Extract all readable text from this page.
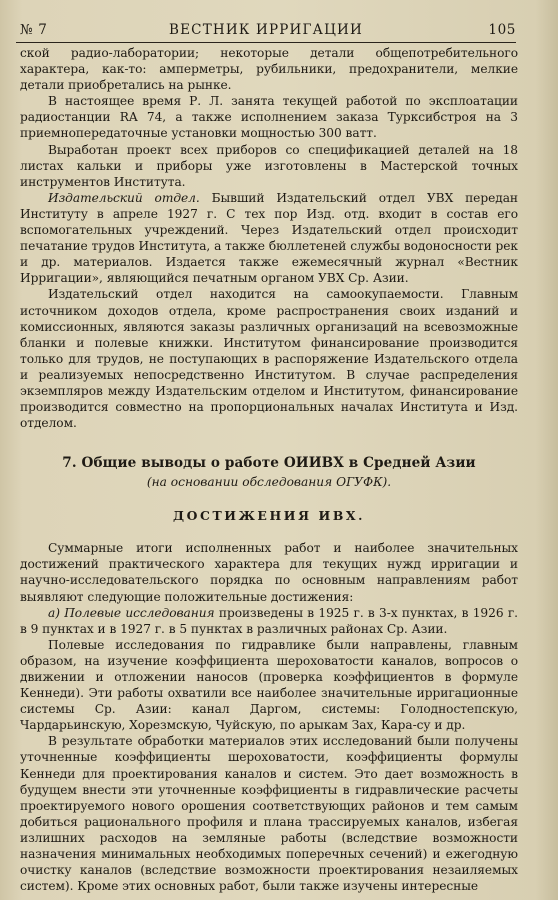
№ 7	ВЕСТНИК ИРРИГАЦИИ	105

ской радио-лаборатории; некоторые детали общепотребительного характера, как-то: амперметры, рубильники, предохранители, мелкие детали приобретались на рынке.

В настоящее время Р. Л. занята текущей работой по эксплоатации радиостанции RA 74, а также исполнением заказа Турксибстроя на 3 приемнопередаточные установки мощностью 300 ватт.

Выработан проект всех приборов со спецификацией деталей на 18 листах кальки и приборы уже изготовлены в Мастерской точных инструментов Института.

Издательский отдел. Бывший Издательский отдел УВХ передан Институту в апреле 1927 г. С тех пор Изд. отд. входит в состав его вспомогательных учреждений. Через Издательский отдел происходит печатание трудов Института, а также бюллетеней службы водоносности рек и др. материалов. Издается также ежемесячный журнал «Вестник Ирригации», являющийся печатным органом УВХ Ср. Азии.

Издательский отдел находится на самоокупаемости. Главным источником доходов отдела, кроме распространения своих изданий и комиссионных, являются заказы различных организаций на всевозможные бланки и полевые книжки. Институтом финансирование производится только для трудов, не поступающих в распоряжение Издательского отдела и реализуемых непосредственно Институтом. В случае распределения экземпляров между Издательским отделом и Институтом, финансирование производится совместно на пропорциональных началах Института и Изд. отделом.

7. Общие выводы о работе ОИИВХ в Средней Азии
(на основании обследования ОГУФК).
ДОСТИЖЕНИЯ ИВХ.

Суммарные итоги исполненных работ и наиболее значительных достижений практического характера для текущих нужд ирригации и научно-исследовательского порядка по основным направлениям работ выявляют следующие положительные достижения:

а) Полевые исследования произведены в 1925 г. в 3-х пунктах, в 1926 г. в 9 пунктах и в 1927 г. в 5 пунктах в различных районах Ср. Азии.

Полевые исследования по гидравлике были направлены, главным образом, на изучение коэффициента шероховатости каналов, вопросов о движении и отложении наносов (проверка коэффициентов в формуле Кеннеди). Эти работы охватили все наиболее значительные ирригационные системы Ср. Азии: канал Даргом, системы: Голодностепскую, Чардарьинскую, Хорезмскую, Чуйскую, по арыкам Зах, Кара-су и др.

В результате обработки материалов этих исследований были получены уточненные коэффициенты шероховатости, коэффициенты формулы Кеннеди для проектирования каналов и систем. Это дает возможность в будущем внести эти уточненные коэффициенты в гидравлические расчеты проектируемого нового орошения соответствующих районов и тем самым добиться рационального профиля и плана трассируемых каналов, избегая излишних расходов на земляные работы (вследствие возможности назначения минимальных необходимых поперечных сечений) и ежегодную очистку каналов (вследствие возможности проектирования незаиляемых систем). Кроме этих основных работ, были также изучены интересные
